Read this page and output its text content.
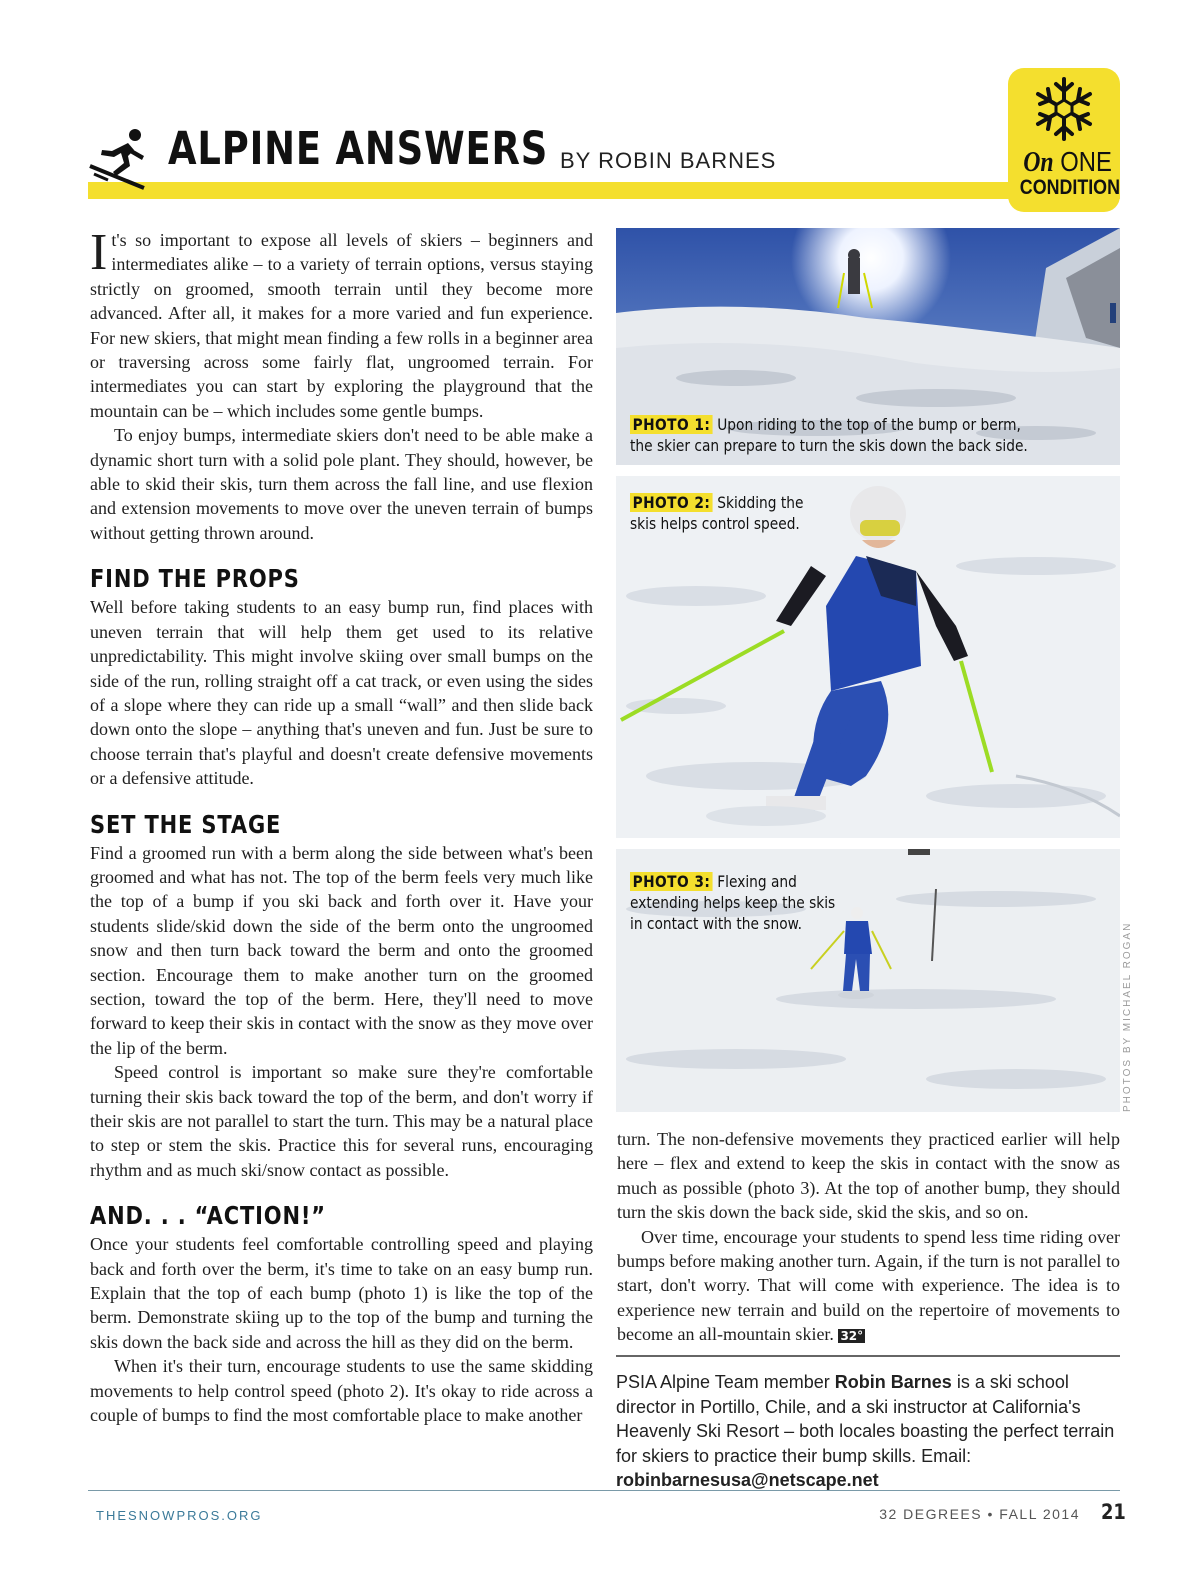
ALPINE ANSWERS BY ROBIN BARNES	On ONE
CONDITION

It's so important to expose all levels of skiers – beginners and intermediates alike – to a variety of terrain options, versus staying strictly on groomed, smooth terrain until they become more advanced. After all, it makes for a more varied and fun experience. For new skiers, that might mean finding a few rolls in a beginner area or traversing across some fairly flat, ungroomed terrain. For intermediates you can start by exploring the playground that the mountain can be – which includes some gentle bumps.

To enjoy bumps, intermediate skiers don't need to be able make a dynamic short turn with a solid pole plant. They should, however, be able to skid their skis, turn them across the fall line, and use flexion and extension movements to move over the uneven terrain of bumps without getting thrown around.

FIND THE PROPS

Well before taking students to an easy bump run, find places with uneven terrain that will help them get used to its relative unpredictability. This might involve skiing over small bumps on the side of the run, rolling straight off a cat track, or even using the sides of a slope where they can ride up a small “wall” and then slide back down onto the slope – anything that's uneven and fun. Just be sure to choose terrain that's playful and doesn't create defensive movements or a defensive attitude.

SET THE STAGE

Find a groomed run with a berm along the side between what's been groomed and what has not. The top of the berm feels very much like the top of a bump if you ski back and forth over it. Have your students slide/skid down the side of the berm onto the ungroomed snow and then turn back toward the berm and onto the groomed section. Encourage them to make another turn on the groomed section, toward the top of the berm. Here, they'll need to move forward to keep their skis in contact with the snow as they move over the lip of the berm.

Speed control is important so make sure they're comfortable turning their skis back toward the top of the berm, and don't worry if their skis are not parallel to start the turn. This may be a natural place to step or stem the skis. Practice this for several runs, encouraging rhythm and as much ski/snow contact as possible.

AND. . . “ACTION!”

Once your students feel comfortable controlling speed and playing back and forth over the berm, it's time to take on an easy bump run. Explain that the top of each bump (photo 1) is like the top of the berm. Demonstrate skiing up to the top of the bump and turning the skis down the back side and across the hill as they did on the berm.

When it's their turn, encourage students to use the same skidding movements to help control speed (photo 2). It's okay to ride across a couple of bumps to find the most comfortable place to make another

PHOTO 1: Upon riding to the top of the bump or berm,
the skier can prepare to turn the skis down the back side.
PHOTO 2: Skidding the
skis helps control speed.
PHOTO 3: Flexing and
extending helps keep the skis
in contact with the snow.	PHOTOS BY MICHAEL ROGAN

turn. The non-defensive movements they practiced earlier will help here – flex and extend to keep the skis in contact with the snow as much as possible (photo 3). At the top of another bump, they should turn the skis down the back side, skid the skis, and so on.

Over time, encourage your students to spend less time riding over bumps before making another turn. Again, if the turn is not parallel to start, don't worry. That will come with experience. The idea is to experience new terrain and build on the repertoire of movements to become an all-mountain skier. 32°

PSIA Alpine Team member Robin Barnes is a ski school director in Portillo, Chile, and a ski instructor at California's Heavenly Ski Resort – both locales boasting the perfect terrain for skiers to practice their bump skills. Email: robinbarnesusa@netscape.net
THESNOWPROS.ORG	32 DEGREES • FALL 2014 21
